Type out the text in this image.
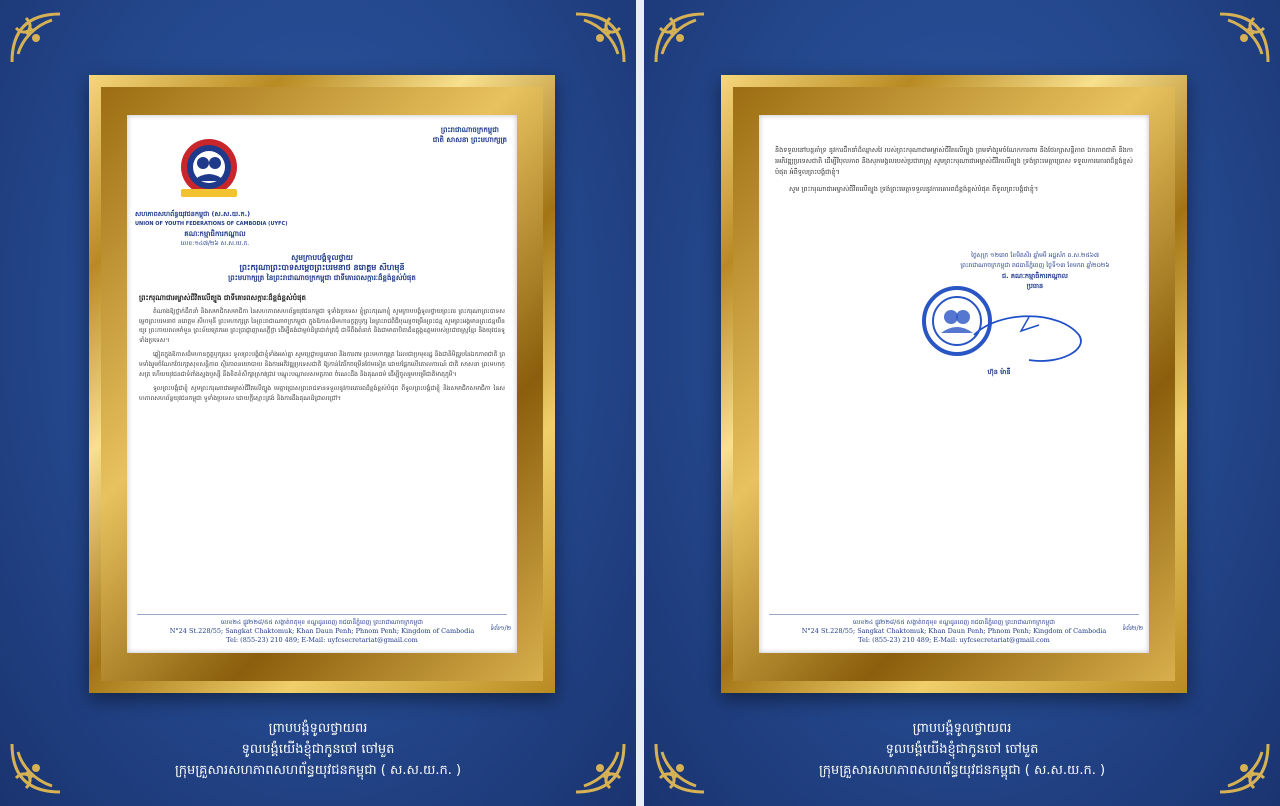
ព្រះរាជាណាចក្រកម្ពុជា
ជាតិ សាសនា ព្រះមហាក្សត្រ
សហភាពសហព័ន្ធយុវជនកម្ពុជា (ស.ស.យ.ក.)
UNION OF YOUTH FEDERATIONS OF CAMBODIA (UYFC)
គណៈកម្មាធិការកណ្តាល
លេខ:១៤៧/២៦ ស.ស.យ.ក.
សូមក្រាបបង្គំទូលថ្វាយ
ព្រះករុណាព្រះបាទសម្តេចព្រះបរមនាថ នរោត្តម សីហមុនី
ព្រះមហាក្សត្រ នៃព្រះរាជាណាចក្រកម្ពុជា ជាទីគោរពសក្ការៈដ៏ខ្ពង់ខ្ពស់បំផុត
ព្រះករុណាជាអម្ចាស់ជីវិតលើត្បូង ជាទីគោរពសក្ការៈដ៏ខ្ពង់ខ្ពស់បំផុត

តំណាងឱ្យថ្នាក់ដឹកនាំ និងសមាជិកសមាជិកា នៃសហភាពសហព័ន្ធយុវជនកម្ពុជា ទូទាំងប្រទេស ខ្ញុំព្រះករុណាខ្ញុំ សូមក្រាបបង្គំទូលថ្វាយព្រះពរ ព្រះករុណាព្រះបាទសម្តេចព្រះបរមនាថ នរោត្តម សីហមុនី ព្រះមហាក្សត្រ នៃព្រះរាជាណាចក្រកម្ពុជា ក្នុងឱកាសដ៏មហានក្ខត្តឫក្ស នៃព្រះរាជពិធីបុណ្យចម្រើនព្រះជន្ម សូមព្រះអង្គមានព្រះជន្មយឺនយូរ ព្រះកាយពលមាំមួន ព្រះទ័យត្រេកអរ ព្រះប្រាជ្ញាញាណភ្លឺថ្លា ដើម្បីគង់ជាម្លប់ដ៏ត្រជាក់ត្រជុំ ជាទីពឹងពំនាក់ និងជាមាតាបិតាដ៏ឧត្តុង្គឧត្តមរបស់ប្រជារាស្ត្រខ្មែរ និងយុវជនទូទាំងប្រទេស។

ឆ្លៀតក្នុងឱកាសដ៏មហានក្ខត្តឫក្សនេះ ទូលព្រះបង្គំជាខ្ញុំទាំងអស់គ្នា សូមប្តេជ្ញាបន្តគោរព និងការពារ ព្រះមហាក្សត្រ ដែលជាប្រមុខរដ្ឋ និងជានិមិត្តរូបនៃឯកភាពជាតិ ព្រមទាំងរួមចំណែកថែរក្សាសុខសន្តិភាព ស្ថិរភាពនយោបាយ និងការអភិវឌ្ឍប្រទេសជាតិ ឱ្យកាន់តែរីកចម្រើនថែមទៀត ដោយផ្អែកលើគោលការណ៍ ជាតិ សាសនា ព្រះមហាក្សត្រ ហើយយុវជនជាទំពាំងស្នងឫស្សី នឹងខិតខំសិក្សាស្រាវជ្រាវ បណ្តុះបណ្តាលសមត្ថភាព ចំណេះដឹង និងគុណធម៌ ដើម្បីចូលរួមបម្រើជាតិមាតុភូមិ។

ទូលព្រះបង្គំជាខ្ញុំ សូមព្រះករុណាជាអម្ចាស់ជីវិតលើត្បូង មេត្តាប្រោសព្រះរាជទានទទួលនូវការគោរពដ៏ខ្ពង់ខ្ពស់បំផុត ពីទូលព្រះបង្គំជាខ្ញុំ និងសមាជិកសមាជិកា នៃសហភាពសហព័ន្ធយុវជនកម្ពុជា ទូទាំងប្រទេស ដោយក្តីស្មោះត្រង់ និងការដឹងគុណដ៏ជ្រាលជ្រៅ។

លេខ២៤ ផ្លូវ២២៨/៥៥ សង្កាត់ចតុមុខ ខណ្ឌដូនពេញ រាជធានីភ្នំពេញ ព្រះរាជាណាចក្រកម្ពុជា
N°24 St.228/55; Sangkat Chaktomuk; Khan Daun Penh; Phnom Penh; Kingdom of Cambodia
Tel: (855-23) 210 489; E-Mail: uyfcsecretariat@gmail.com
ទំព័រ១/២
ព្រាប​បង្គំ​ទូល​ថ្វាយ​ពរ
ទូលបង្គំ​យើង​ខ្ញុំ​ជា​កូន​ចៅ ចៅ​មួត
ក្រុម​គ្រួសារ​សហភាព​សហព័ន្ធ​យុវជន​កម្ពុជា ( ស.ស.យ.ក. )

និងទទួលនៅបន្តគាំទ្រ នូវការដឹកនាំដ៏ឈ្លាសវៃ របស់ព្រះករុណាជាអម្ចាស់ជីវិតលើត្បូង ព្រមទាំងរួមចំណែកការពារ និងថែរក្សាសន្តិភាព ឯកភាពជាតិ និងការអភិវឌ្ឍប្រទេសជាតិ ដើម្បីវិបុលភាព និងសុភមង្គលរបស់ប្រជារាស្ត្រ សូមព្រះករុណាជាអម្ចាស់ជីវិតលើត្បូង ទ្រង់ព្រះមេត្តាប្រោស ទទួលការគោរពដ៏ខ្ពង់ខ្ពស់បំផុត អំពីទូលព្រះបង្គំជាខ្ញុំ។

សូម ព្រះករុណាជាអម្ចាស់ជីវិតលើត្បូង ទ្រង់ព្រះមេត្តាទទួលនូវការគោរពដ៏ខ្ពង់ខ្ពស់បំផុត ពីទូលព្រះបង្គំជាខ្ញុំ។

ថ្ងៃសុក្រ ១២រោច ខែមិគសិរ ឆ្នាំមមី អដ្ឋស័ក ព.ស.២៥៦៧
ព្រះរាជាណាចក្រកម្ពុជា រាជធានីភ្នំពេញ ថ្ងៃទី១៣ ខែមករា ឆ្នាំ២០២៦
ជ. គណៈកម្មាធិការកណ្តាល
ប្រធាន
ហ៊ុន ម៉ានី
លេខ២៤ ផ្លូវ២២៨/៥៥ សង្កាត់ចតុមុខ ខណ្ឌដូនពេញ រាជធានីភ្នំពេញ ព្រះរាជាណាចក្រកម្ពុជា
N°24 St.228/55; Sangkat Chaktomuk; Khan Daun Penh; Phnom Penh; Kingdom of Cambodia
Tel: (855-23) 210 489; E-Mail: uyfcsecretariat@gmail.com
ទំព័រ២/២
ព្រាប​បង្គំ​ទូល​ថ្វាយ​ពរ
ទូលបង្គំ​យើង​ខ្ញុំ​ជា​កូន​ចៅ ចៅ​មួត
ក្រុម​គ្រួសារ​សហភាព​សហព័ន្ធ​យុវជន​កម្ពុជា ( ស.ស.យ.ក. )
